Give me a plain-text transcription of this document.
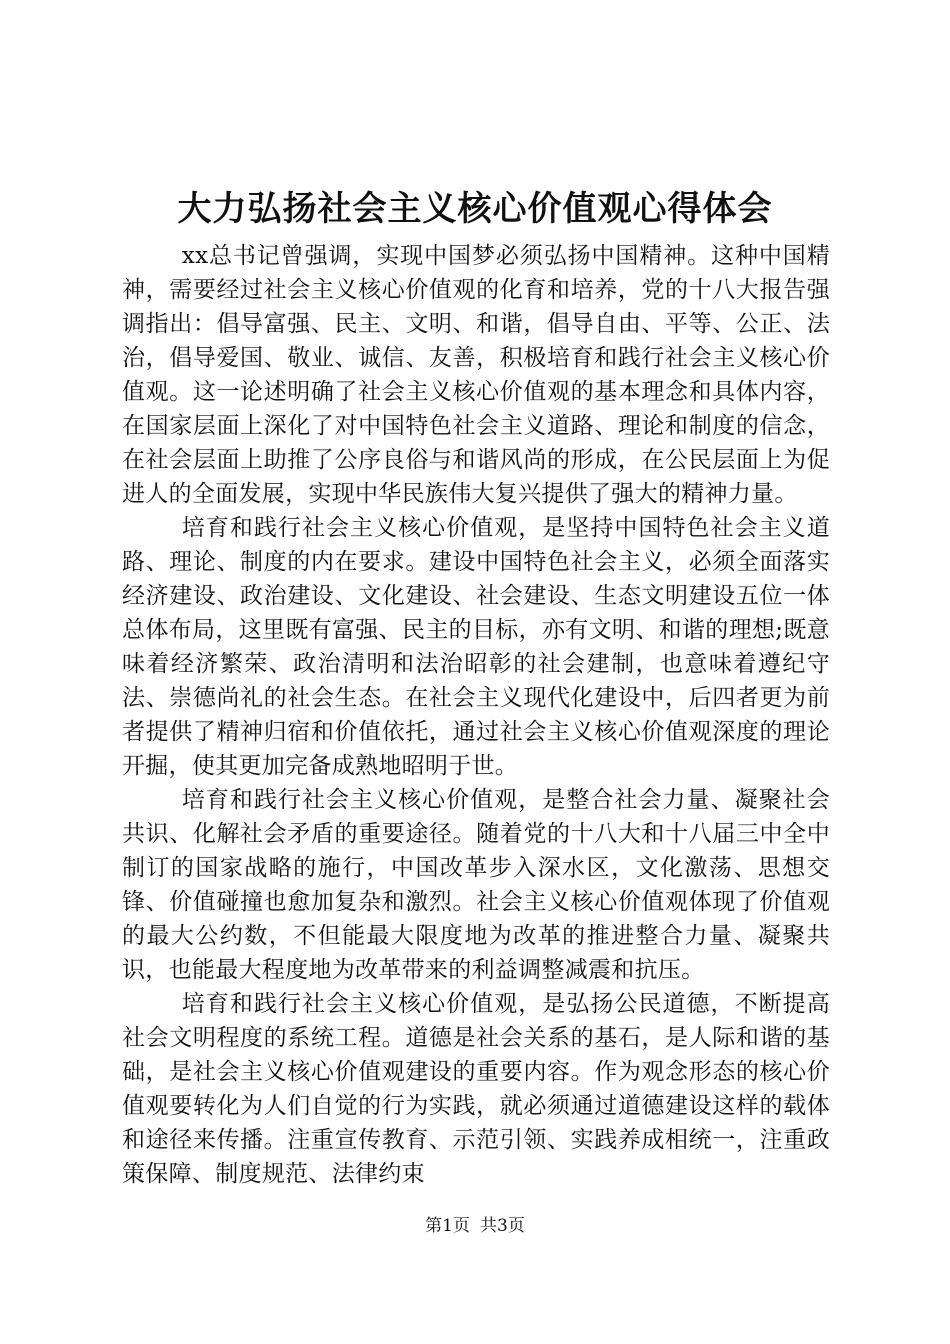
大力弘扬社会主义核心价值观心得体会

xx总书记曾强调，实现中国梦必须弘扬中国精神。这种中国精神，需要经过社会主义核心价值观的化育和培养，党的十八大报告强调指出：倡导富强、民主、文明、和谐，倡导自由、平等、公正、法治，倡导爱国、敬业、诚信、友善，积极培育和践行社会主义核心价值观。这一论述明确了社会主义核心价值观的基本理念和具体内容，在国家层面上深化了对中国特色社会主义道路、理论和制度的信念，在社会层面上助推了公序良俗与和谐风尚的形成，在公民层面上为促进人的全面发展，实现中华民族伟大复兴提供了强大的精神力量。

培育和践行社会主义核心价值观，是坚持中国特色社会主义道路、理论、制度的内在要求。建设中国特色社会主义，必须全面落实经济建设、政治建设、文化建设、社会建设、生态文明建设五位一体总体布局，这里既有富强、民主的目标，亦有文明、和谐的理想;既意味着经济繁荣、政治清明和法治昭彰的社会建制，也意味着遵纪守法、崇德尚礼的社会生态。在社会主义现代化建设中，后四者更为前者提供了精神归宿和价值依托，通过社会主义核心价值观深度的理论开掘，使其更加完备成熟地昭明于世。

培育和践行社会主义核心价值观，是整合社会力量、凝聚社会共识、化解社会矛盾的重要途径。随着党的十八大和十八届三中全中制订的国家战略的施行，中国改革步入深水区，文化激荡、思想交锋、价值碰撞也愈加复杂和激烈。社会主义核心价值观体现了价值观的最大公约数，不但能最大限度地为改革的推进整合力量、凝聚共识，也能最大程度地为改革带来的利益调整减震和抗压。

培育和践行社会主义核心价值观，是弘扬公民道德，不断提高社会文明程度的系统工程。道德是社会关系的基石，是人际和谐的基础，是社会主义核心价值观建设的重要内容。作为观念形态的核心价值观要转化为人们自觉的行为实践，就必须通过道德建设这样的载体和途径来传播。注重宣传教育、示范引领、实践养成相统一，注重政策保障、制度规范、法律约束

第1页 共3页
